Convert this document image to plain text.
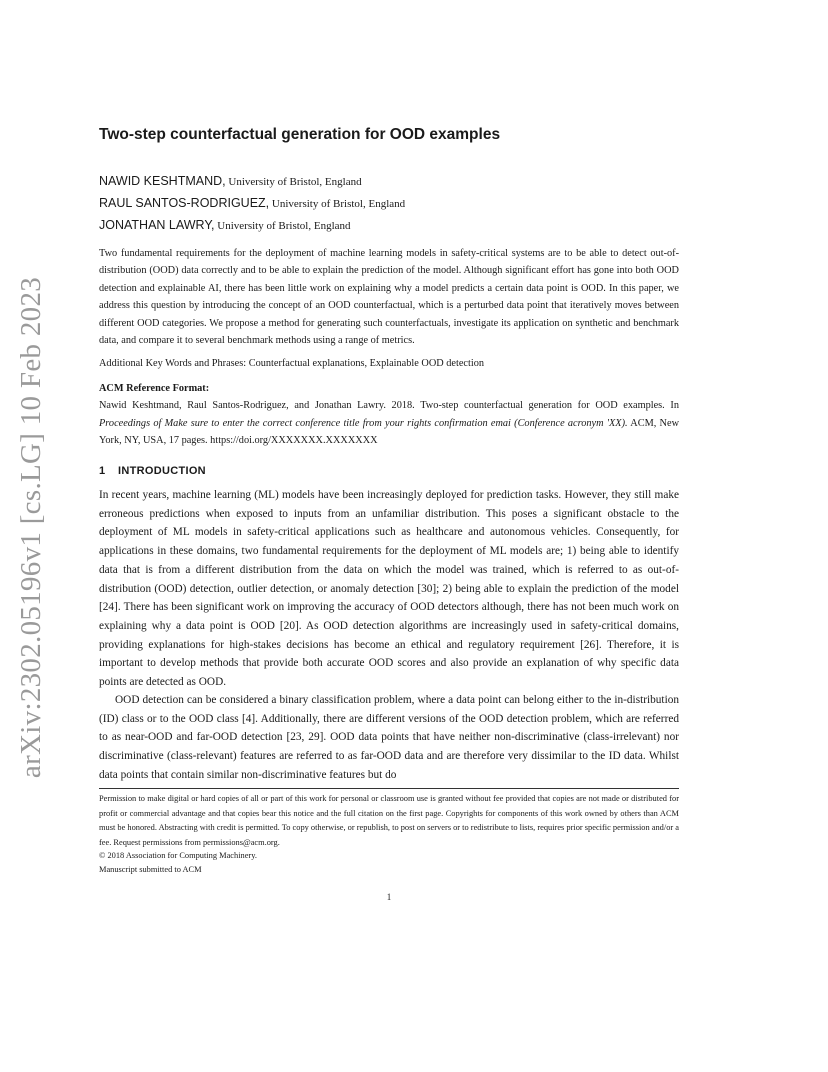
arXiv:2302.05196v1 [cs.LG] 10 Feb 2023
Two-step counterfactual generation for OOD examples
NAWID KESHTMAND, University of Bristol, England
RAUL SANTOS-RODRIGUEZ, University of Bristol, England
JONATHAN LAWRY, University of Bristol, England

Two fundamental requirements for the deployment of machine learning models in safety-critical systems are to be able to detect out-of-distribution (OOD) data correctly and to be able to explain the prediction of the model. Although significant effort has gone into both OOD detection and explainable AI, there has been little work on explaining why a model predicts a certain data point is OOD. In this paper, we address this question by introducing the concept of an OOD counterfactual, which is a perturbed data point that iteratively moves between different OOD categories. We propose a method for generating such counterfactuals, investigate its application on synthetic and benchmark data, and compare it to several benchmark methods using a range of metrics.

Additional Key Words and Phrases: Counterfactual explanations, Explainable OOD detection

ACM Reference Format:
Nawid Keshtmand, Raul Santos-Rodriguez, and Jonathan Lawry. 2018. Two-step counterfactual generation for OOD examples. In Proceedings of Make sure to enter the correct conference title from your rights confirmation emai (Conference acronym 'XX). ACM, New York, NY, USA, 17 pages. https://doi.org/XXXXXXX.XXXXXXX
1 INTRODUCTION

In recent years, machine learning (ML) models have been increasingly deployed for prediction tasks. However, they still make erroneous predictions when exposed to inputs from an unfamiliar distribution. This poses a significant obstacle to the deployment of ML models in safety-critical applications such as healthcare and autonomous vehicles. Consequently, for applications in these domains, two fundamental requirements for the deployment of ML models are; 1) being able to identify data that is from a different distribution from the data on which the model was trained, which is referred to as out-of-distribution (OOD) detection, outlier detection, or anomaly detection [30]; 2) being able to explain the prediction of the model [24]. There has been significant work on improving the accuracy of OOD detectors although, there has not been much work on explaining why a data point is OOD [20]. As OOD detection algorithms are increasingly used in safety-critical domains, providing explanations for high-stakes decisions has become an ethical and regulatory requirement [26]. Therefore, it is important to develop methods that provide both accurate OOD scores and also provide an explanation of why specific data points are detected as OOD.

OOD detection can be considered a binary classification problem, where a data point can belong either to the in-distribution (ID) class or to the OOD class [4]. Additionally, there are different versions of the OOD detection problem, which are referred to as near-OOD and far-OOD detection [23, 29]. OOD data points that have neither non-discriminative (class-irrelevant) nor discriminative (class-relevant) features are referred to as far-OOD data and are therefore very dissimilar to the ID data. Whilst data points that contain similar non-discriminative features but do

Permission to make digital or hard copies of all or part of this work for personal or classroom use is granted without fee provided that copies are not made or distributed for profit or commercial advantage and that copies bear this notice and the full citation on the first page. Copyrights for components of this work owned by others than ACM must be honored. Abstracting with credit is permitted. To copy otherwise, or republish, to post on servers or to redistribute to lists, requires prior specific permission and/or a fee. Request permissions from permissions@acm.org.

© 2018 Association for Computing Machinery.

Manuscript submitted to ACM

1
